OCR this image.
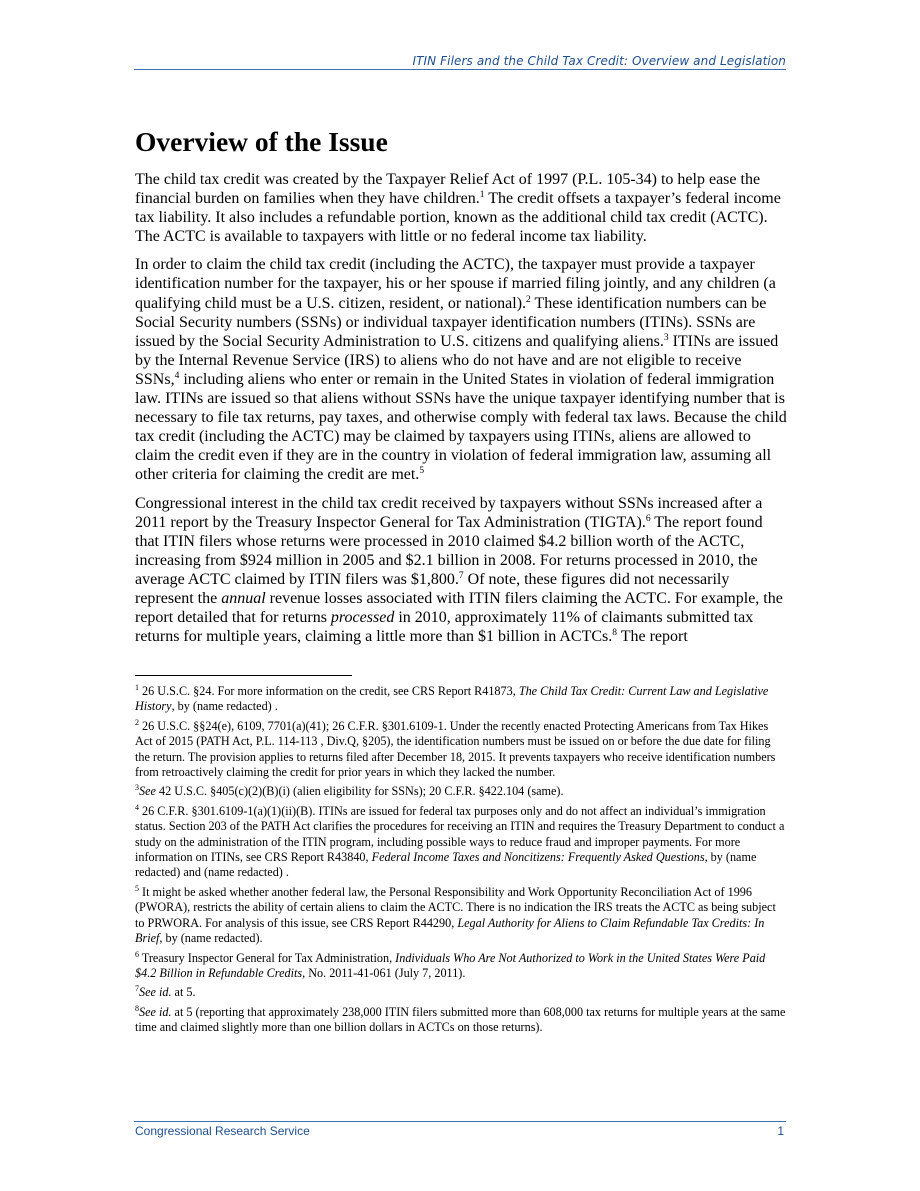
ITIN Filers and the Child Tax Credit: Overview and Legislation
Overview of the Issue

The child tax credit was created by the Taxpayer Relief Act of 1997 (P.L. 105-34) to help ease the financial burden on families when they have children.$^1$ The credit offsets a taxpayer’s federal income tax liability. It also includes a refundable portion, known as the additional child tax credit (ACTC). The ACTC is available to taxpayers with little or no federal income tax liability.

In order to claim the child tax credit (including the ACTC), the taxpayer must provide a taxpayer identification number for the taxpayer, his or her spouse if married filing jointly, and any children (a qualifying child must be a U.S. citizen, resident, or national).$^2$ These identification numbers can be Social Security numbers (SSNs) or individual taxpayer identification numbers (ITINs). SSNs are issued by the Social Security Administration to U.S. citizens and qualifying aliens.$^3$ ITINs are issued by the Internal Revenue Service (IRS) to aliens who do not have and are not eligible to receive SSNs,$^4$ including aliens who enter or remain in the United States in violation of federal immigration law. ITINs are issued so that aliens without SSNs have the unique taxpayer identifying number that is necessary to file tax returns, pay taxes, and otherwise comply with federal tax laws. Because the child tax credit (including the ACTC) may be claimed by taxpayers using ITINs, aliens are allowed to claim the credit even if they are in the country in violation of federal immigration law, assuming all other criteria for claiming the credit are met.$^5$

Congressional interest in the child tax credit received by taxpayers without SSNs increased after a 2011 report by the Treasury Inspector General for Tax Administration (TIGTA).$^6$ The report found that ITIN filers whose returns were processed in 2010 claimed $4.2 billion worth of the ACTC, increasing from $924 million in 2005 and $2.1 billion in 2008. For returns processed in 2010, the average ACTC claimed by ITIN filers was $1,800.$^7$ Of note, these figures did not necessarily represent the annual revenue losses associated with ITIN filers claiming the ACTC. For example, the report detailed that for returns processed in 2010, approximately 11% of claimants submitted tax returns for multiple years, claiming a little more than $1 billion in ACTCs.$^8$ The report

$^1$ 26 U.S.C. §24. For more information on the credit, see CRS Report R41873, The Child Tax Credit: Current Law and Legislative History, by (name redacted) .

$^2$ 26 U.S.C. §§24(e), 6109, 7701(a)(41); 26 C.F.R. §301.6109-1. Under the recently enacted Protecting Americans from Tax Hikes Act of 2015 (PATH Act, P.L. 114-113 , Div.Q, §205), the identification numbers must be issued on or before the due date for filing the return. The provision applies to returns filed after December 18, 2015. It prevents taxpayers who receive identification numbers from retroactively claiming the credit for prior years in which they lacked the number.

$^3$See 42 U.S.C. §405(c)(2)(B)(i) (alien eligibility for SSNs); 20 C.F.R. §422.104 (same).

$^4$ 26 C.F.R. §301.6109-1(a)(1)(ii)(B). ITINs are issued for federal tax purposes only and do not affect an individual’s immigration status. Section 203 of the PATH Act clarifies the procedures for receiving an ITIN and requires the Treasury Department to conduct a study on the administration of the ITIN program, including possible ways to reduce fraud and improper payments. For more information on ITINs, see CRS Report R43840, Federal Income Taxes and Noncitizens: Frequently Asked Questions, by (name redacted) and (name redacted) .

$^5$ It might be asked whether another federal law, the Personal Responsibility and Work Opportunity Reconciliation Act of 1996 (PWORA), restricts the ability of certain aliens to claim the ACTC. There is no indication the IRS treats the ACTC as being subject to PRWORA. For analysis of this issue, see CRS Report R44290, Legal Authority for Aliens to Claim Refundable Tax Credits: In Brief, by (name redacted).

$^6$ Treasury Inspector General for Tax Administration, Individuals Who Are Not Authorized to Work in the United States Were Paid $4.2 Billion in Refundable Credits, No. 2011-41-061 (July 7, 2011).

$^7$See id. at 5.

$^8$See id. at 5 (reporting that approximately 238,000 ITIN filers submitted more than 608,000 tax returns for multiple years at the same time and claimed slightly more than one billion dollars in ACTCs on those returns).

Congressional Research Service	1
